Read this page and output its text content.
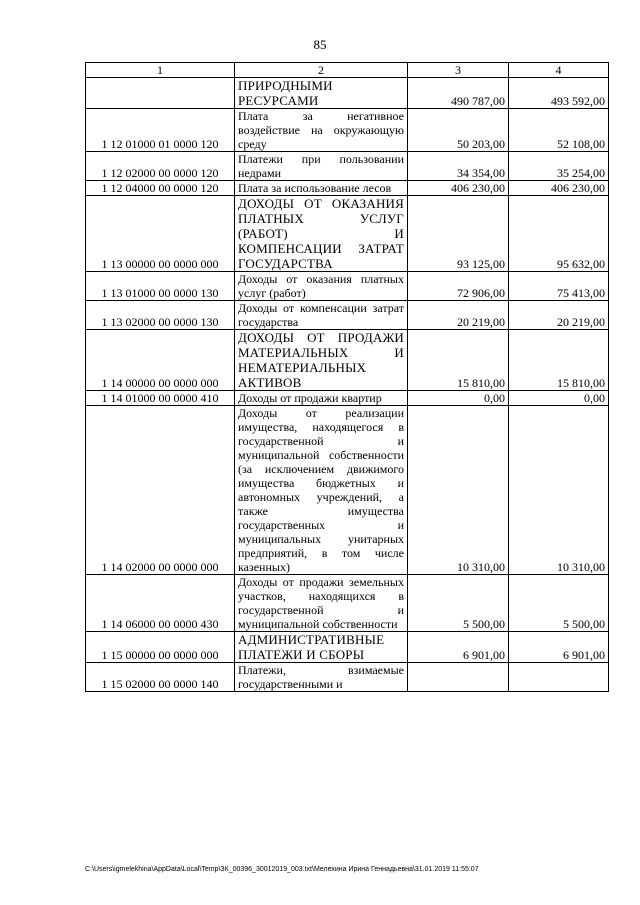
85
1	2	3	4
	ПРИРОДНЫМИ РЕСУРСАМИ	490 787,00	493 592,00
1 12 01000 01 0000 120	Плата за негативное воздействие на окружающую среду	50 203,00	52 108,00
1 12 02000 00 0000 120	Платежи при пользовании недрами	34 354,00	35 254,00
1 12 04000 00 0000 120	Плата за использование лесов	406 230,00	406 230,00
1 13 00000 00 0000 000	ДОХОДЫ ОТ ОКАЗАНИЯ ПЛАТНЫХ УСЛУГ (РАБОТ) И КОМПЕНСАЦИИ ЗАТРАТ ГОСУДАРСТВА	93 125,00	95 632,00
1 13 01000 00 0000 130	Доходы от оказания платных услуг (работ)	72 906,00	75 413,00
1 13 02000 00 0000 130	Доходы от компенсации затрат государства	20 219,00	20 219,00
1 14 00000 00 0000 000	ДОХОДЫ ОТ ПРОДАЖИ МАТЕРИАЛЬНЫХ И НЕМАТЕРИАЛЬНЫХ АКТИВОВ	15 810,00	15 810,00
1 14 01000 00 0000 410	Доходы от продажи квартир	0,00	0,00
1 14 02000 00 0000 000	Доходы от реализации имущества, находящегося в государственной и муниципальной собственности (за исключением движимого имущества бюджетных и автономных учреждений, а также имущества государственных и муниципальных унитарных предприятий, в том числе казенных)	10 310,00	10 310,00
1 14 06000 00 0000 430	Доходы от продажи земельных участков, находящихся в государственной и муниципальной собственности	5 500,00	5 500,00
1 15 00000 00 0000 000	АДМИНИСТРАТИВНЫЕ ПЛАТЕЖИ И СБОРЫ	6 901,00	6 901,00
1 15 02000 00 0000 140	Платежи, взимаемые государственными и		
C:\Users\igmelekhina\AppData\Local\Temp\ЗК_00396_30012019_003.txt\Мелехина Ирина Геннадьевна\31.01.2019 11:55:07
